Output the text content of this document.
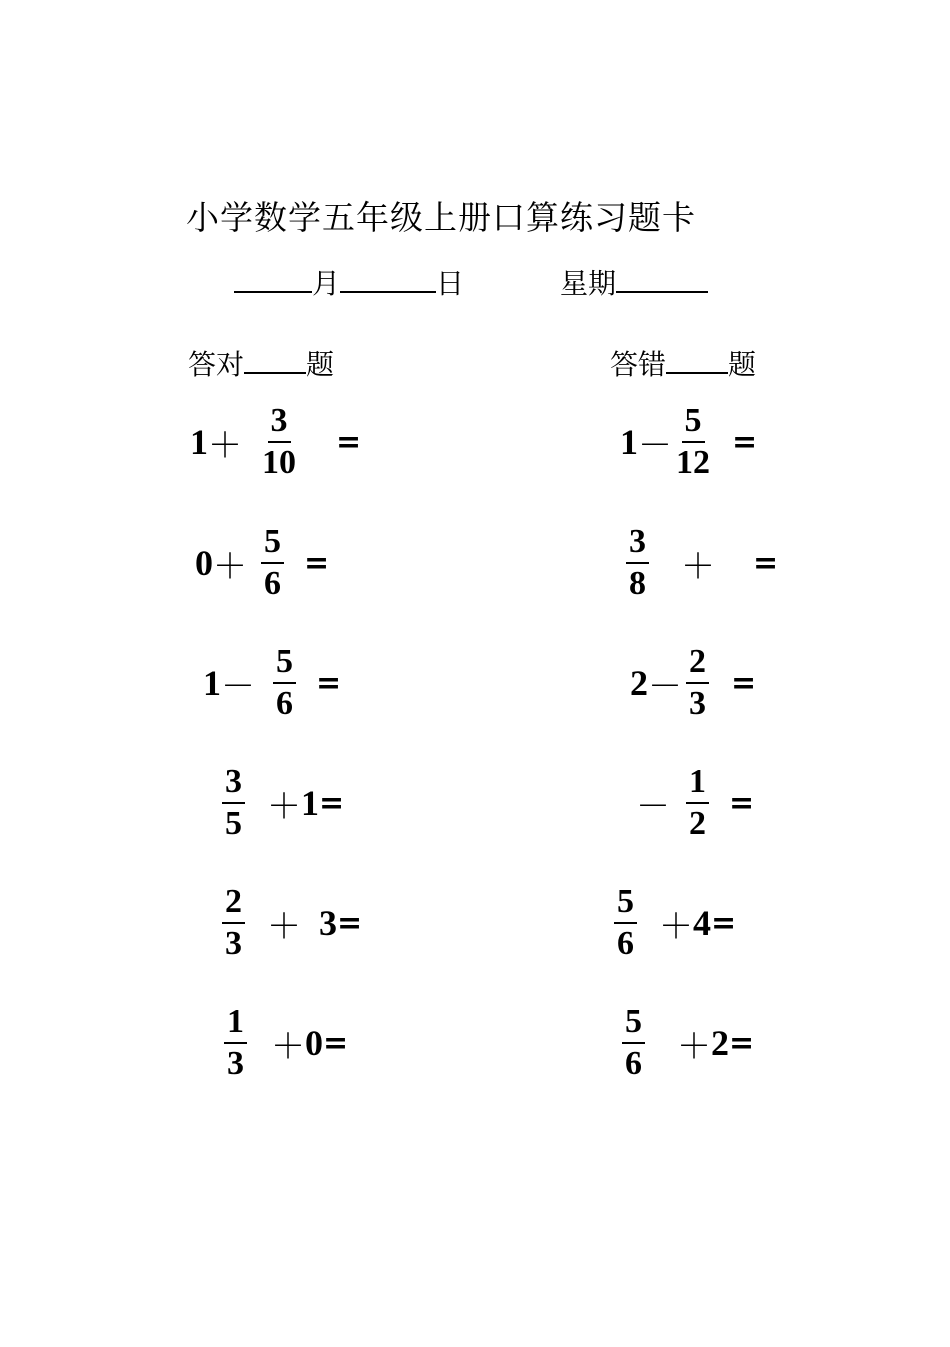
小学数学五年级上册口算练习题卡
月	日	星期
答对 题	答错 题
$1 + \frac{3}{10}$ =	$1 - \frac{5}{12}$ =
$0 + \frac{5}{6}$ =	$\frac{3}{8}$ ＋ =
$1 - \frac{5}{6}$ =	$2 - \frac{2}{3}$ =
$\frac{3}{5} + 1$ =	－ $\frac{1}{2}$ =
$\frac{2}{3} + 3$ =	$\frac{5}{6} + 4$ =
$\frac{1}{3} + 0$ =	$\frac{5}{6} + 2$ =
